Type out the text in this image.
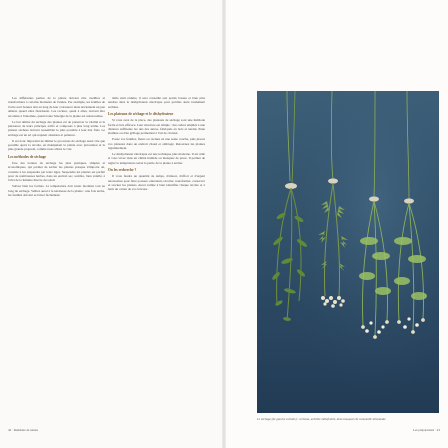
Les différentes parties de la plante doivent être cueillies et transformées à certains moments de l'année. Par exemple, les feuilles de l'ortie sont bonnes tant au long de leur croissance mais deviennent un peu amères quand elles fleurissent. Les racines, quant à elles, doivent être récoltées à l'automne, quand toute l'énergie de la plante est redescendue.

Le but ultime du séchage des plantes est de préserver la vitalité et la puissance de leurs principes actifs et composés à plus long terme. Les plantes séchées doivent ressembler le plus possible à leur état frais. Le séchage est un art qui requiert attention et patience.

Il est donc important de limiter le processus de séchage aussi vite que possible après la récolte, en manipulant la plante avec précaution et la plus grande propreté, comme nous allons le voir.

Les méthodes de séchage

Une des bonnes de séchage les plus pratiques, simples et économiques, qui permet de sécher les plantes presque n'importe où, consiste à les suspendre par leurs tiges. Suspendre les plantes est parfait pour de nombreuses herbes, dans un endroit sec, sombre, bien ventilé, à l'abri de la lumière directe du soleil.

Suivez bien les formes. La température doit rester modérée tout au long du séchage. Veillez aussi à la tendresse de la plante : une fois sèche, les feuilles doivent se briser facilement.

taille était réduite, il sera conseillé aux points bassés et bien plus tendres dans le déshydrateur électrique pour qu'elles aient totalement séchées.

Les plateaux de séchage et le déshydrateur

Si vous avez de la place, des plateaux de séchage sont une méthode facile et très efficace. Leur structure est simple : des cadres empilés à une distance suffisante les uns des autres, fabriqués en bois et tendus d'une étamine ou d'un grillage permettant à l'air de circuler.

Posez vos feuilles, fleurs ou racines en une seule couche, puis placez vos plateaux dans un endroit chaud et ombragé. Retournez les plantes régulièrement.

Le déshydrateur électrique est une technique plus moderne. Il est utile si vous vivez dans un climat humide ou manquez de place. Il permet de régler la température selon la partie de la plante à sécher.

On les recherche ?

Il vous faudra un quantité de temps, d'amour, d'effort et d'argent nécessaires pour faire pousser, entretenir, récolter, transformer, conserver et stocker les plantes. Aussi veillez à bien identifier chaque récolte et à tenir un carnet de vos travaux.

42 · Remèdes de nature	Les préparations · 43
Le séchage (de gauche à droite) : verbena, achillée millefeuille, deux bouquets de camomille allemande
